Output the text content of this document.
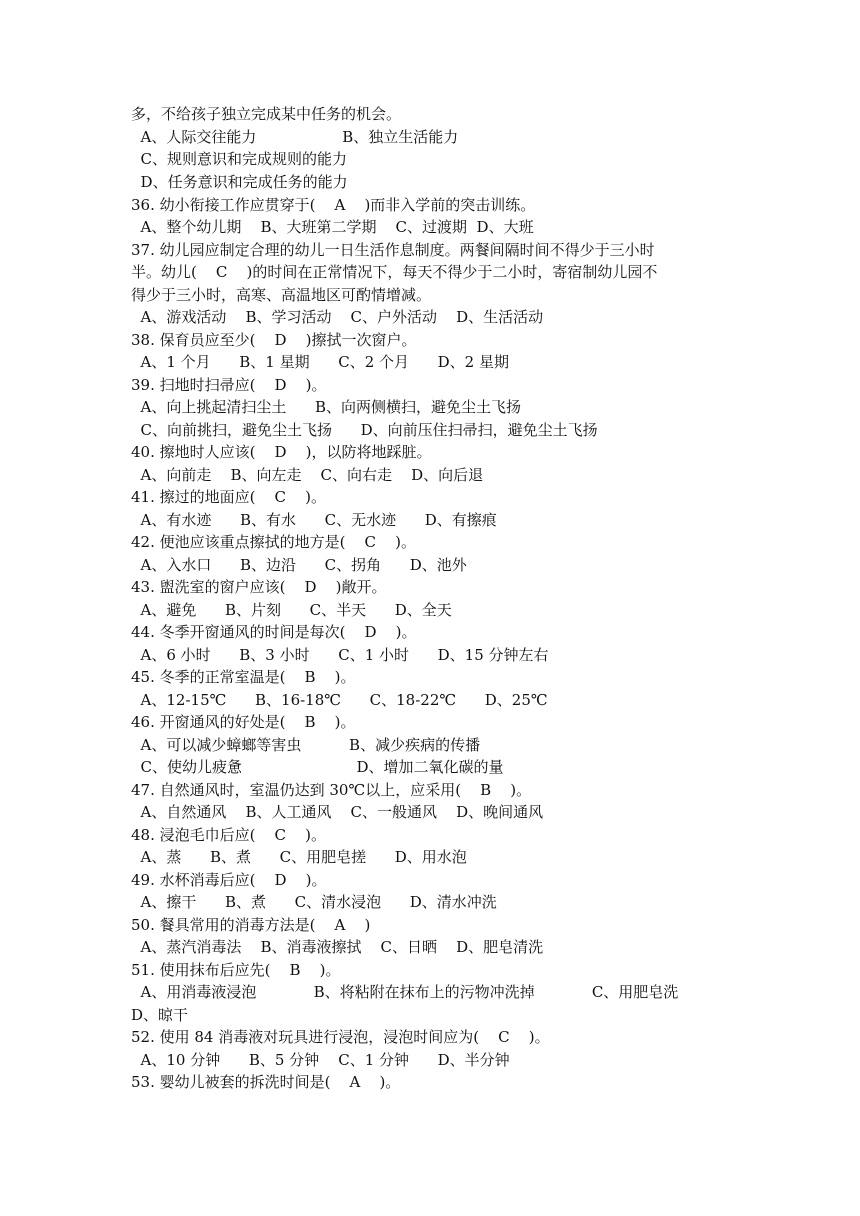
多，不给孩子独立完成某中任务的机会。
A、人际交往能力                  B、独立生活能力
C、规则意识和完成规则的能力
D、任务意识和完成任务的能力
36. 幼小衔接工作应贯穿于(    A    )而非入学前的突击训练。
A、整个幼儿期    B、大班第二学期    C、过渡期  D、大班
37. 幼儿园应制定合理的幼儿一日生活作息制度。两餐间隔时间不得少于三小时
半。幼儿(    C    )的时间在正常情况下，每天不得少于二小时，寄宿制幼儿园不
得少于三小时，高寒、高温地区可酌情增减。
A、游戏活动    B、学习活动    C、户外活动    D、生活活动
38. 保育员应至少(    D    )擦拭一次窗户。
A、1 个月      B、1 星期      C、2 个月      D、2 星期
39. 扫地时扫帚应(    D    )。
A、向上挑起清扫尘土      B、向两侧横扫，避免尘土飞扬
C、向前挑扫，避免尘土飞扬      D、向前压住扫帚扫，避免尘土飞扬
40. 擦地时人应该(    D    )，以防将地踩脏。
A、向前走    B、向左走    C、向右走    D、向后退
41. 擦过的地面应(    C    )。
A、有水迹      B、有水      C、无水迹      D、有擦痕
42. 便池应该重点擦拭的地方是(    C    )。
A、入水口      B、边沿      C、拐角      D、池外
43. 盥洗室的窗户应该(    D    )敞开。
A、避免      B、片刻      C、半天      D、全天
44. 冬季开窗通风的时间是每次(    D    )。
A、6 小时      B、3 小时      C、1 小时      D、15 分钟左右
45. 冬季的正常室温是(    B    )。
A、12-15℃      B、16-18℃      C、18-22℃      D、25℃
46. 开窗通风的好处是(    B    )。
A、可以减少蟑螂等害虫          B、减少疾病的传播
C、使幼儿疲惫                        D、增加二氧化碳的量
47. 自然通风时，室温仍达到 30℃以上，应采用(    B    )。
A、自然通风    B、人工通风    C、一般通风    D、晚间通风
48. 浸泡毛巾后应(    C    )。
A、蒸      B、煮      C、用肥皂搓      D、用水泡
49. 水杯消毒后应(    D    )。
A、擦干      B、煮      C、清水浸泡      D、清水冲洗
50. 餐具常用的消毒方法是(    A    )
A、蒸汽消毒法    B、消毒液擦拭    C、日晒    D、肥皂清洗
51. 使用抹布后应先(    B    )。
A、用消毒液浸泡            B、将粘附在抹布上的污物冲洗掉            C、用肥皂洗
D、晾干
52. 使用 84 消毒液对玩具进行浸泡，浸泡时间应为(    C    )。
A、10 分钟      B、5 分钟    C、1 分钟      D、半分钟
53. 婴幼儿被套的拆洗时间是(    A    )。
